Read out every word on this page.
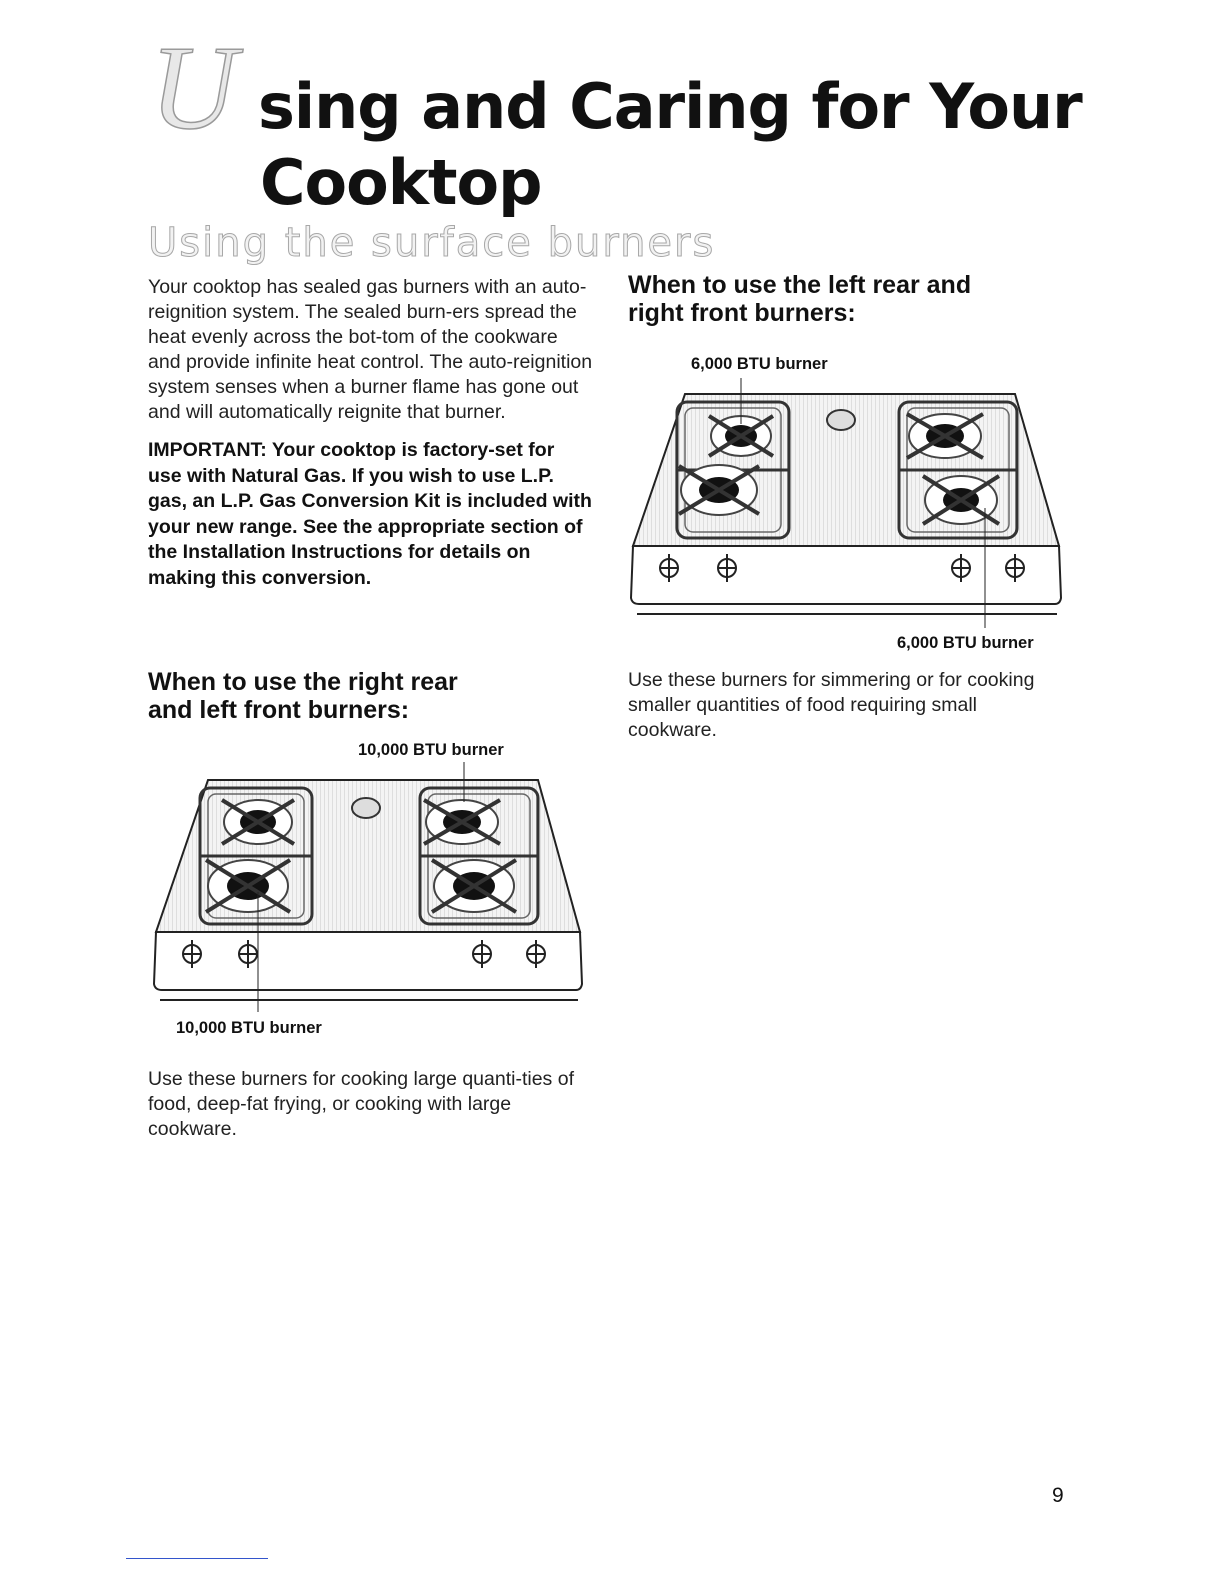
U sing and Caring for Your
Cooktop
Using the surface burners

Your cooktop has sealed gas burners with an auto-reignition system. The sealed burn-ers spread the heat evenly across the bot-tom of the cookware and provide infinite heat control. The auto-reignition system senses when a burner flame has gone out and will automatically reignite that burner.

IMPORTANT: Your cooktop is factory-set for use with Natural Gas. If you wish to use L.P. gas, an L.P. Gas Conversion Kit is included with your new range. See the appropriate section of the Installation Instructions for details on making this conversion.

When to use the right rear

and left front burners:

10,000 BTU burner
10,000 BTU burner

Use these burners for cooking large quanti-ties of food, deep-fat frying, or cooking with large cookware.

When to use the left rear and

right front burners:

6,000 BTU burner
6,000 BTU burner

Use these burners for simmering or for cooking smaller quantities of food requiring small cookware.

9
